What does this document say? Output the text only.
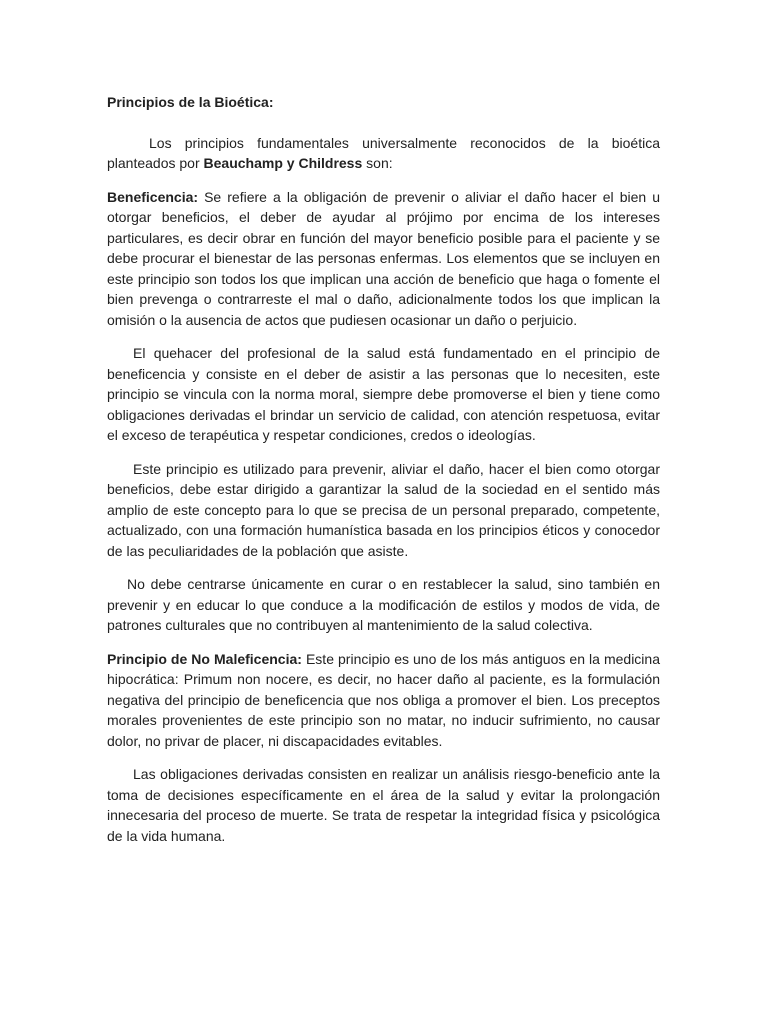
Principios de la Bioética:

Los principios fundamentales universalmente reconocidos de la bioética planteados por Beauchamp y Childress son:

Beneficencia: Se refiere a la obligación de prevenir o aliviar el daño hacer el bien u otorgar beneficios, el deber de ayudar al prójimo por encima de los intereses particulares, es decir obrar en función del mayor beneficio posible para el paciente y se debe procurar el bienestar de las personas enfermas. Los elementos que se incluyen en este principio son todos los que implican una acción de beneficio que haga o fomente el bien prevenga o contrarreste el mal o daño, adicionalmente todos los que implican la omisión o la ausencia de actos que pudiesen ocasionar un daño o perjuicio.

El quehacer del profesional de la salud está fundamentado en el principio de beneficencia y consiste en el deber de asistir a las personas que lo necesiten, este principio se vincula con la norma moral, siempre debe promoverse el bien y tiene como obligaciones derivadas el brindar un servicio de calidad, con atención respetuosa, evitar el exceso de terapéutica y respetar condiciones, credos o ideologías.

Este principio es utilizado para prevenir, aliviar el daño, hacer el bien como otorgar beneficios, debe estar dirigido a garantizar la salud de la sociedad en el sentido más amplio de este concepto para lo que se precisa de un personal preparado, competente, actualizado, con una formación humanística basada en los principios éticos y conocedor de las peculiaridades de la población que asiste.

No debe centrarse únicamente en curar o en restablecer la salud, sino también en prevenir y en educar lo que conduce a la modificación de estilos y modos de vida, de patrones culturales que no contribuyen al mantenimiento de la salud colectiva.

Principio de No Maleficencia: Este principio es uno de los más antiguos en la medicina hipocrática: Primum non nocere, es decir, no hacer daño al paciente, es la formulación negativa del principio de beneficencia que nos obliga a promover el bien. Los preceptos morales provenientes de este principio son no matar, no inducir sufrimiento, no causar dolor, no privar de placer, ni discapacidades evitables.

Las obligaciones derivadas consisten en realizar un análisis riesgo-beneficio ante la toma de decisiones específicamente en el área de la salud y evitar la prolongación innecesaria del proceso de muerte. Se trata de respetar la integridad física y psicológica de la vida humana.
